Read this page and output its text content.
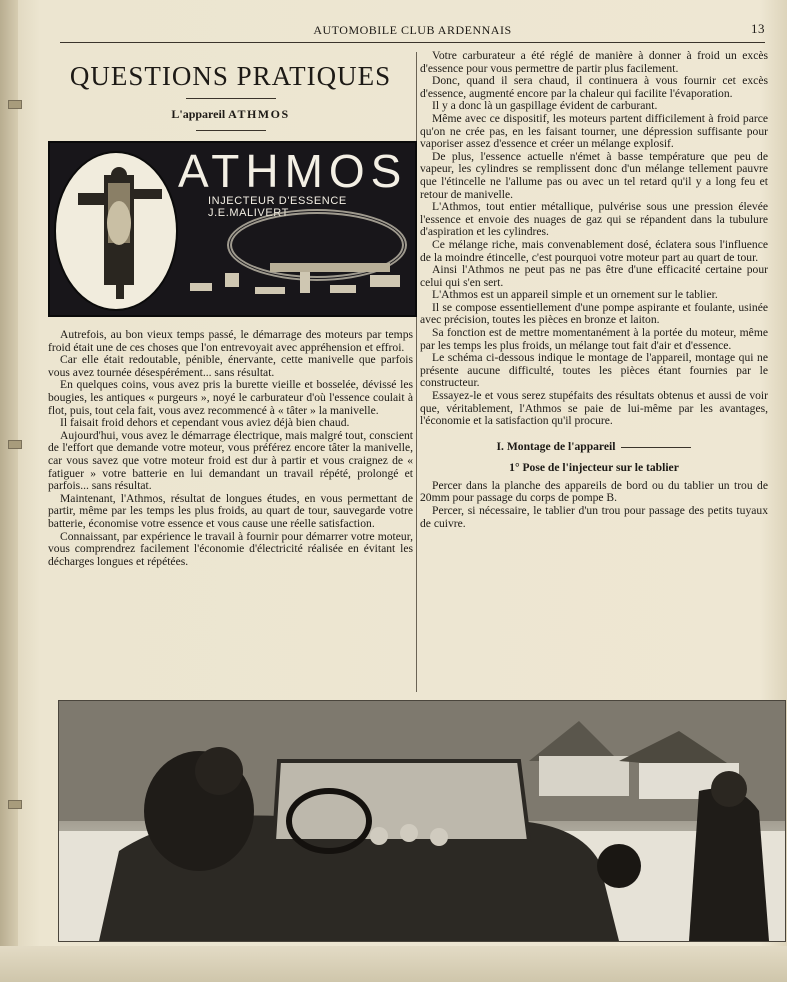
AUTOMOBILE CLUB ARDENNAIS	13
QUESTIONS PRATIQUES
L'appareil ATHMOS
ATHMOS
INJECTEUR D'ESSENCE J.E.MALIVERT

Autrefois, au bon vieux temps passé, le démarrage des moteurs par temps froid était une de ces choses que l'on entrevoyait avec appréhension et effroi.

Car elle était redoutable, pénible, énervante, cette manivelle que parfois vous avez tournée désespérément... sans résultat.

En quelques coins, vous avez pris la burette vieille et bosselée, dévissé les bougies, les antiques « purgeurs », noyé le carburateur d'où l'essence coulait à flot, puis, tout cela fait, vous avez recommencé à « tâter » la manivelle.

Il faisait froid dehors et cependant vous aviez déjà bien chaud.

Aujourd'hui, vous avez le démarrage électrique, mais malgré tout, conscient de l'effort que demande votre moteur, vous préférez encore tâter la manivelle, car vous savez que votre moteur froid est dur à partir et vous craignez de « fatiguer » votre batterie en lui demandant un travail répété, prolongé et parfois... sans résultat.

Maintenant, l'Athmos, résultat de longues études, en vous permettant de partir, même par les temps les plus froids, au quart de tour, sauvegarde votre batterie, économise votre essence et vous cause une réelle satisfaction.

Connaissant, par expérience le travail à fournir pour démarrer votre moteur, vous comprendrez facilement l'économie d'électricité réalisée en évitant les décharges longues et répétées.

Votre carburateur a été réglé de manière à donner à froid un excès d'essence pour vous permettre de partir plus facilement.

Donc, quand il sera chaud, il continuera à vous fournir cet excès d'essence, augmenté encore par la chaleur qui facilite l'évaporation.

Il y a donc là un gaspillage évident de carburant.

Même avec ce dispositif, les moteurs partent difficilement à froid parce qu'on ne crée pas, en les faisant tourner, une dépression suffisante pour vaporiser assez d'essence et créer un mélange explosif.

De plus, l'essence actuelle n'émet à basse température que peu de vapeur, les cylindres se remplissent donc d'un mélange tellement pauvre que l'étincelle ne l'allume pas ou avec un tel retard qu'il y a long feu et retour de manivelle.

L'Athmos, tout entier métallique, pulvérise sous une pression élevée l'essence et envoie des nuages de gaz qui se répandent dans la tubulure d'aspiration et les cylindres.

Ce mélange riche, mais convenablement dosé, éclatera sous l'influence de la moindre étincelle, c'est pourquoi votre moteur part au quart de tour.

Ainsi l'Athmos ne peut pas ne pas être d'une efficacité certaine pour celui qui s'en sert.

L'Athmos est un appareil simple et un ornement sur le tablier.

Il se compose essentiellement d'une pompe aspirante et foulante, usinée avec précision, toutes les pièces en bronze et laiton.

Sa fonction est de mettre momentanément à la portée du moteur, même par les temps les plus froids, un mélange tout fait d'air et d'essence.

Le schéma ci-dessous indique le montage de l'appareil, montage qui ne présente aucune difficulté, toutes les pièces étant fournies par le constructeur.

Essayez-le et vous serez stupéfaits des résultats obtenus et aussi de voir que, véritablement, l'Athmos se paie de lui-même par les avantages, l'économie et la satisfaction qu'il procure.

I. Montage de l'appareil
1° Pose de l'injecteur sur le tablier

Percer dans la planche des appareils de bord ou du tablier un trou de 20mm pour passage du corps de pompe B.

Percer, si nécessaire, le tablier d'un trou pour passage des petits tuyaux de cuivre.
